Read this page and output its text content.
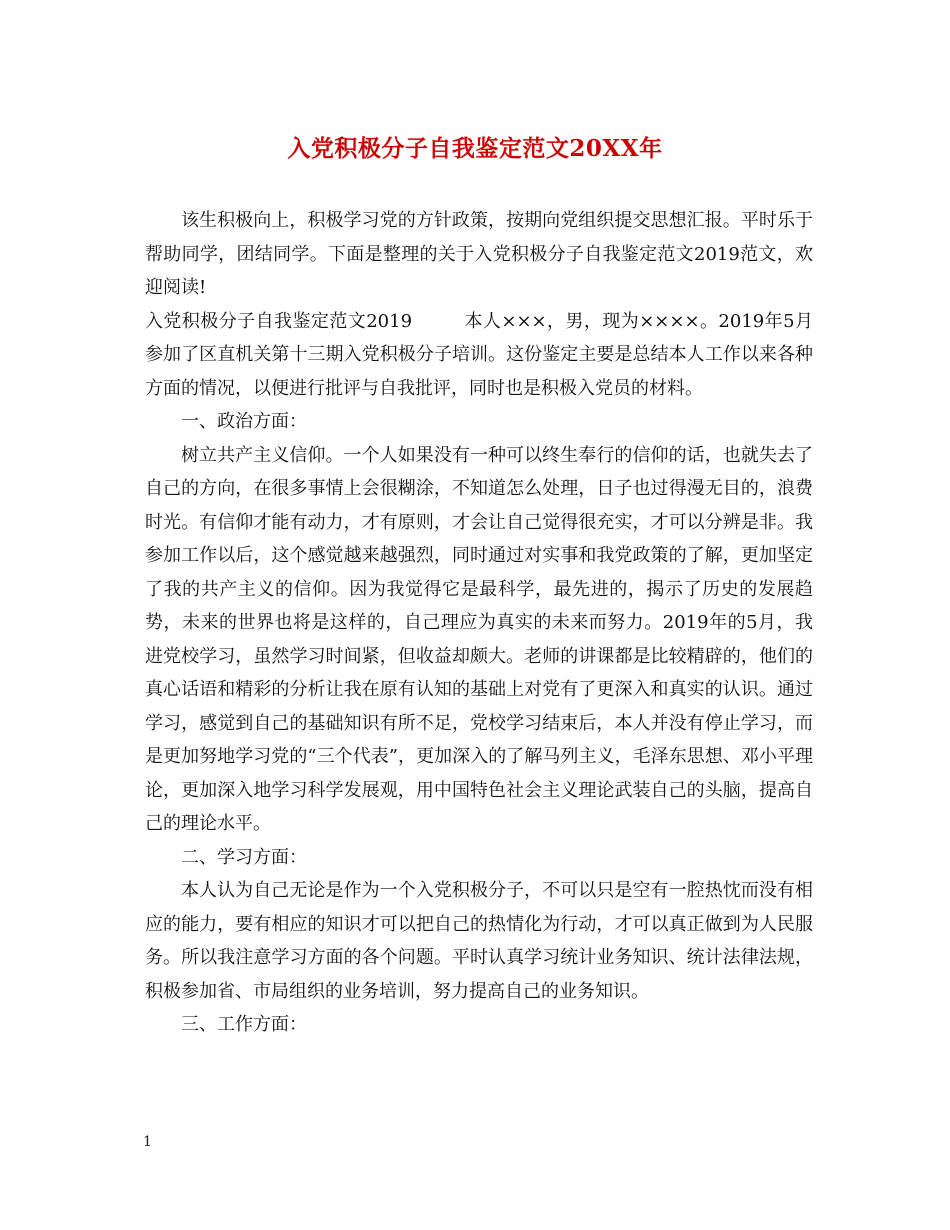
入党积极分子自我鉴定范文20XX年

该生积极向上，积极学习党的方针政策，按期向党组织提交思想汇报。平时乐于帮助同学，团结同学。下面是整理的关于入党积极分子自我鉴定范文2019范文，欢迎阅读!

入党积极分子自我鉴定范文2019	本人×××，男，现为××××。2019年5月参加了区直机关第十三期入党积极分子培训。这份鉴定主要是总结本人工作以来各种方面的情况，以便进行批评与自我批评，同时也是积极入党员的材料。

一、政治方面：

树立共产主义信仰。一个人如果没有一种可以终生奉行的信仰的话，也就失去了自己的方向，在很多事情上会很糊涂，不知道怎么处理，日子也过得漫无目的，浪费时光。有信仰才能有动力，才有原则，才会让自己觉得很充实，才可以分辨是非。我参加工作以后，这个感觉越来越强烈，同时通过对实事和我党政策的了解，更加坚定了我的共产主义的信仰。因为我觉得它是最科学，最先进的，揭示了历史的发展趋势，未来的世界也将是这样的，自己理应为真实的未来而努力。2019年的5月，我进党校学习，虽然学习时间紧，但收益却颇大。老师的讲课都是比较精辟的，他们的真心话语和精彩的分析让我在原有认知的基础上对党有了更深入和真实的认识。通过学习，感觉到自己的基础知识有所不足，党校学习结束后，本人并没有停止学习，而是更加努地学习党的“三个代表”，更加深入的了解马列主义，毛泽东思想、邓小平理论，更加深入地学习科学发展观，用中国特色社会主义理论武装自己的头脑，提高自己的理论水平。

二、学习方面：

本人认为自己无论是作为一个入党积极分子，不可以只是空有一腔热忱而没有相应的能力，要有相应的知识才可以把自己的热情化为行动，才可以真正做到为人民服务。所以我注意学习方面的各个问题。平时认真学习统计业务知识、统计法律法规，积极参加省、市局组织的业务培训，努力提高自己的业务知识。

三、工作方面：

1
